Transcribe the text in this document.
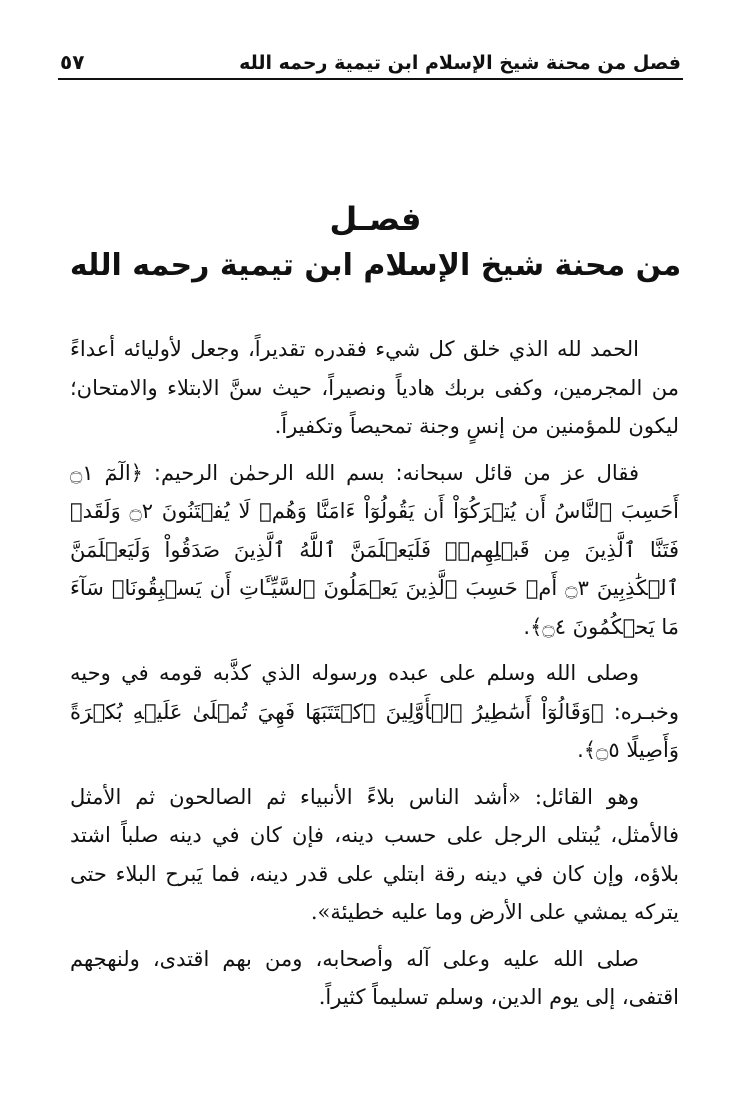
فصل من محنة شيخ الإسلام ابن تيمية رحمه الله
٥٧
فصـل
من محنة شيخ الإسلام ابن تيمية رحمه الله

الحمد لله الذي خلق كل شيء فقدره تقديراً، وجعل لأوليائه أعداءً من المجرمين، وكفى بربك هادياً ونصيراً، حيث سنَّ الابتلاء والامتحان؛ ليكون للمؤمنين من إنسٍ وجنة تمحيصاً وتكفيراً.

فقال عز من قائل سبحانه: بسم الله الرحمٰن الرحيم: ﴿الٓمٓ ۝١ أَحَسِبَ ٱلنَّاسُ أَن يُتۡرَكُوٓاْ أَن يَقُولُوٓاْ ءَامَنَّا وَهُمۡ لَا يُفۡتَنُونَ ۝٢ وَلَقَدۡ فَتَنَّا ٱلَّذِينَ مِن قَبۡلِهِمۡۖ فَلَيَعۡلَمَنَّ ٱللَّهُ ٱلَّذِينَ صَدَقُواْ وَلَيَعۡلَمَنَّ ٱلۡكَٰذِبِينَ ۝٣ أَمۡ حَسِبَ ٱلَّذِينَ يَعۡمَلُونَ ٱلسَّيِّـَٔاتِ أَن يَسۡبِقُونَاۚ سَآءَ مَا يَحۡكُمُونَ ۝٤﴾.

وصلى الله وسلم على عبده ورسوله الذي كذَّبه قومه في وحيه وخبـره: ﴿وَقَالُوٓاْ أَسَٰطِيرُ ٱلۡأَوَّلِينَ ٱكۡتَتَبَهَا فَهِيَ تُمۡلَىٰ عَلَيۡهِ بُكۡرَةً وَأَصِيلًا ۝٥﴾.

وهو القائل: «أشد الناس بلاءً الأنبياء ثم الصالحون ثم الأمثل فالأمثل، يُبتلى الرجل على حسب دينه، فإن كان في دينه صلباً اشتد بلاؤه، وإن كان في دينه رقة ابتلي على قدر دينه، فما يَبرح البلاء حتى يتركه يمشي على الأرض وما عليه خطيئة».

صلى الله عليه وعلى آله وأصحابه، ومن بهم اقتدى، ولنهجهم اقتفى، إلى يوم الدين، وسلم تسليماً كثيراً.
